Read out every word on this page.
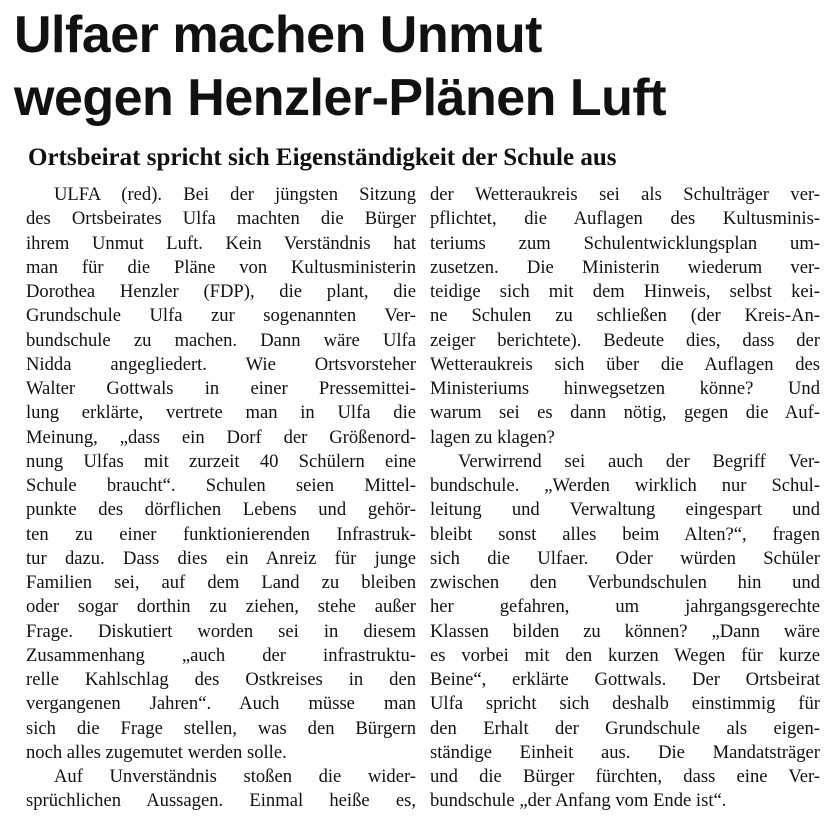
Ulfaer machen Unmut
wegen Henzler-Plänen Luft
Ortsbeirat spricht sich Eigenständigkeit der Schule aus
ULFA (red). Bei der jüngsten Sitzung
des Ortsbeirates Ulfa machten die Bürger
ihrem Unmut Luft. Kein Verständnis hat
man für die Pläne von Kultusministerin
Dorothea Henzler (FDP), die plant, die
Grundschule Ulfa zur sogenannten Ver-
bundschule zu machen. Dann wäre Ulfa
Nidda angegliedert. Wie Ortsvorsteher
Walter Gottwals in einer Pressemittei-
lung erklärte, vertrete man in Ulfa die
Meinung, „dass ein Dorf der Größenord-
nung Ulfas mit zurzeit 40 Schülern eine
Schule braucht“. Schulen seien Mittel-
punkte des dörflichen Lebens und gehör-
ten zu einer funktionierenden Infrastruk-
tur dazu. Dass dies ein Anreiz für junge
Familien sei, auf dem Land zu bleiben
oder sogar dorthin zu ziehen, stehe außer
Frage. Diskutiert worden sei in diesem
Zusammenhang „auch der infrastruktu-
relle Kahlschlag des Ostkreises in den
vergangenen Jahren“. Auch müsse man
sich die Frage stellen, was den Bürgern
noch alles zugemutet werden solle.
Auf Unverständnis stoßen die wider-
sprüchlichen Aussagen. Einmal heiße es,
der Wetteraukreis sei als Schulträger ver-
pflichtet, die Auflagen des Kultusminis-
teriums zum Schulentwicklungsplan um-
zusetzen. Die Ministerin wiederum ver-
teidige sich mit dem Hinweis, selbst kei-
ne Schulen zu schließen (der Kreis-An-
zeiger berichtete). Bedeute dies, dass der
Wetteraukreis sich über die Auflagen des
Ministeriums hinwegsetzen könne? Und
warum sei es dann nötig, gegen die Auf-
lagen zu klagen?
Verwirrend sei auch der Begriff Ver-
bundschule. „Werden wirklich nur Schul-
leitung und Verwaltung eingespart und
bleibt sonst alles beim Alten?“, fragen
sich die Ulfaer. Oder würden Schüler
zwischen den Verbundschulen hin und
her gefahren, um jahrgangsgerechte
Klassen bilden zu können? „Dann wäre
es vorbei mit den kurzen Wegen für kurze
Beine“, erklärte Gottwals. Der Ortsbeirat
Ulfa spricht sich deshalb einstimmig für
den Erhalt der Grundschule als eigen-
ständige Einheit aus. Die Mandatsträger
und die Bürger fürchten, dass eine Ver-
bundschule „der Anfang vom Ende ist“.
